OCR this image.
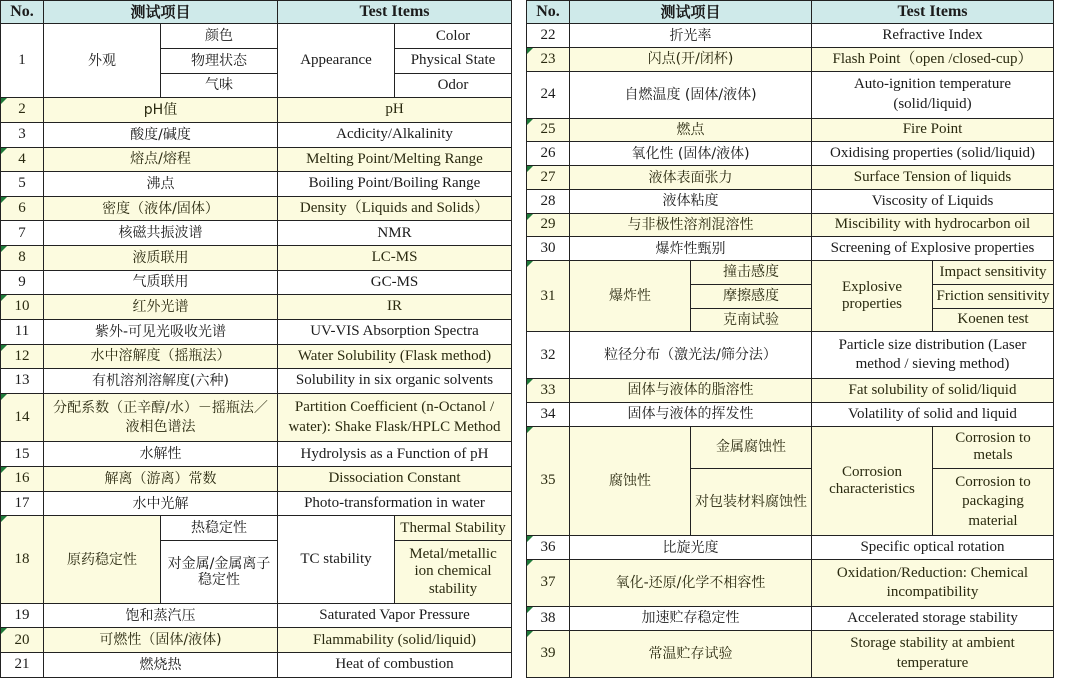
No.	测试项目		Test Items	
1	外观	颜色	Appearance	Color
		物理状态		Physical State
		气味		Odor
2	pH值		pH	
3	酸度/碱度		Acdicity/Alkalinity	
4	熔点/熔程		Melting Point/Melting Range	
5	沸点		Boiling Point/Boiling Range	
6	密度（液体/固体）		Density（Liquids and Solids）	
7	核磁共振波谱		NMR	
8	液质联用		LC-MS	
9	气质联用		GC-MS	
10	红外光谱		IR	
11	紫外-可见光吸收光谱		UV-VIS Absorption Spectra	
12	水中溶解度（摇瓶法）		Water Solubility (Flask method)	
13	有机溶剂溶解度(六种)		Solubility in six organic solvents	
14	分配系数（正辛醇/水）－摇瓶法／液相色谱法		Partition Coefficient (n-Octanol / water): Shake Flask/HPLC Method	
15	水解性		Hydrolysis as a Function of pH	
16	解离（游离）常数		Dissociation Constant	
17	水中光解		Photo-transformation in water	
18	原药稳定性	热稳定性	TC stability	Thermal Stability
		对金属/金属离子稳定性		Metal/metallic ion chemical stability
19	饱和蒸汽压		Saturated Vapor Pressure	
20	可燃性（固体/液体)		Flammability (solid/liquid)	
21	燃烧热		Heat of combustion	
No.	测试项目		Test Items	
22	折光率		Refractive Index	
23	闪点(开/闭杯)		Flash Point（open /closed-cup）	
24	自燃温度 (固体/液体)		Auto-ignition temperature (solid/liquid)	
25	燃点		Fire Point	
26	氧化性 (固体/液体)		Oxidising properties (solid/liquid)	
27	液体表面张力		Surface Tension of liquids	
28	液体粘度		Viscosity of Liquids	
29	与非极性溶剂混溶性		Miscibility with hydrocarbon oil	
30	爆炸性甄别		Screening of Explosive properties	
31	爆炸性	撞击感度	Explosive properties	Impact sensitivity
		摩擦感度		Friction sensitivity
		克南试验		Koenen test
32	粒径分布（激光法/筛分法）		Particle size distribution (Laser method / sieving method)	
33	固体与液体的脂溶性		Fat solubility of solid/liquid	
34	固体与液体的挥发性		Volatility of solid and liquid	
35	腐蚀性	金属腐蚀性	Corrosion characteristics	Corrosion to metals
		对包装材料腐蚀性		Corrosion to packaging material
36	比旋光度		Specific optical rotation	
37	氧化-还原/化学不相容性		Oxidation/Reduction: Chemical incompatibility	
38	加速贮存稳定性		Accelerated storage stability	
39	常温贮存试验		Storage stability at ambient temperature	
